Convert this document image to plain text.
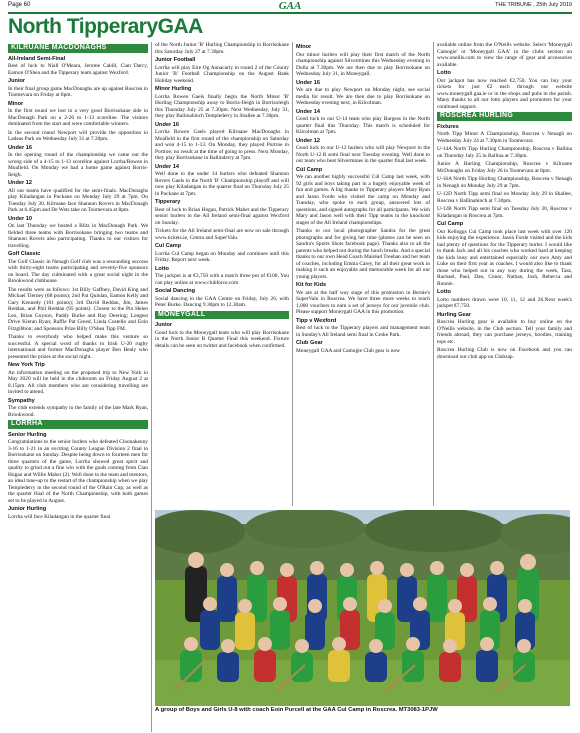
Page 60	GAA	THE TRIBUNE , 25th July 2019
North TipperaryGAA
KILRUANE MACDONAGHS
All-Ireland Semi-Final

Best of luck to Niall O'Meara, Jerome Cahill, Cian Darcy, Eamon O'Shea and the Tipperary team against Wexford.

Junior

In their final group game MacDonaghs are up against Roscrea in Toomevara on Friday at 8pm.

Minor

In the first round we lost to a very good Borrisokane side in MacDonagh Park on a 2-26 to 1-13 scoreline. The visitors dominated from the start and were comfortable winners.

In the second round Newport will provide the opposition in Ladeas Park on Wednesday July 31 at 7.30pm.

Under 16

In the opening round of the championship we came out the wrong side of a 4-15 to 1-13 scoreline against Lorrha/Rowen in Moafield. On Monday we had a home game against Borris-Ileigh.

Under 12

All our teams have qualified for the semi-finals. MacDonaghs play Kiladangan in Puckane on Monday July 29 at 7pm. On Tuesday July 30, Kilruane face Shannon Rovers in MacDonagh Park at 6.45pm and De Wets take on Toomevara at 8pm.

Under 10

On last Thursday we hosted a Blitz in MacDonagh Park. We fielded three teams with Borrisokane bringing two teams and Shannon Rovers also participating. Thanks to our visitors for travelling.

Golf Classic

The Golf Classic in Nenagh Golf club was a resounding success with thirty-eight teams participating and seventy-five sponsors on board. The day culminated with a great social night in the Brookwood clubhouse.

The results were as follows: 1st Billy Gaffney, David King and Michael Tierney (68 points); 2nd Pat Quinlan, Eamon Kelly and Gary Kennedy (101 points); 3rd David Reddan, Jim, James Reddan, and Phil Reddan (95 points). Closest to the Pin Helen Leo, Brian Guyson, Paddy Burke and Ray Deering; Longest Drive Kieran Ryan; Raffle Pat Greed, Linda Costello and Eoin Fitzgibbon; and Sponsors Prize Billy O'Shea Tipp FM.

Thanks to everybody who helped make this venture so successful. A special word of thanks to Irish U-20 rugby international and former MacDonaghs player Ben Healy who presented the prizes at the social night.

New York Trip

An information meeting on the proposed trip to New York in May 2020 will be held in the clubroom on Friday August 2 at 8.15pm. All club members who are considering travelling are invited to attend.

Sympathy

The club extends sympathy to the family of the late Mark Ryan, Brookwood.

LORRHA
Senior Hurling

Congratulations to the senior hurlers who defeated Cloonakenny 3-16 to 1-21 in an exciting County League Division 2 final in Borrisokane on Sunday. Despite being down to fourteen men for three quarters of the game, Lorrha showed great spirit and quality to grind out a fine win with the goals coming from Cian Hogan and Willie Maher (2). Well done to the team and mentors, an ideal tune-up to the restart of the championship when we play Templederry in the second round of the O'Rain Cup, as well as the quarter final of the North Championship, with both games set to be played in August.

Junior Hurling

Lorrha will face Kiladangan in the quarter final

of the North Junior 'B' Hurling Championship in Borrisokane this Saturday July 27 at 7.30pm.

Junior Football

Lorrha will play Eire Og Annacarty in round 2 of the County Junior 'B' Football Championship on the August Bank Holiday weekend.

Minor Hurling

Lorrha Rowen Gaels finally begin the North Minor 'B' Hurling Championship away to Borris-Ileigh in Borrisoleigh this Thursday July 25 at 7.30pm. Next Wednesday, July 31, they play Ballinahinch Templederry in Shallee at 7.30pm.

Under 16

Lorrha Rowen Gaels played Kilruane MacDonaghs in Moafield in the first round of the championship on Saturday and won 4-15 to 1-13. On Monday, they played Portroe in Portroe; no result at the time of going to press. Next Monday, they play Borrisokane in Ballinderry at 7pm.

Under 14

Well done to the under 14 hurlers who defeated Shannon Rovers Gaels in the North 'B' Championship playoff and will now play Kiladangan in the quarter final on Thursday July 25 in Puckane at 7pm.

Tipperary

Best of luck to Brian Hogan, Patrick Maher and the Tipperary senior hurlers in the All Ireland semi-final against Wexford on Sunday.

Tickets for the All Ireland semi-final are now on sale through www.tickets.ie, Centra and SuperValu.

Cul Camp

Lorrha Cul Camp began on Monday and continues until this Friday. Report next week.

Lotto

The jackpot is at €3,750 with a match three pot of €100. You can play online at www.clubforce.com

Social Dancing

Social dancing in the GAA Centre on Friday, July 26, with Peter Burke. Dancing 9.30pm to 12.30am.

MONEYGALL
Junior

Good luck to the Moneygall team who will play Borrisokane in the North Junior B Quarter Final this weekend. Fixture details can be seen on twitter and facebook when confirmed.

Minor

Our minor hurlers will play their first match of the North championship against Silvermines this Wednesday evening in Dolla at 7.30pm. We are then due to play Borrisokane on Wednesday July 31, in Moneygall.

Under 16

We are due to play Newport on Monday night, see social media for result. We are then due to play Borrisokane on Wednesday evening next, in Kilcolman.

Under 14

Good luck to our U-14 team who play Burgess in the North quarter final this Thursday. This match is scheduled for Kilcolman at 7pm.

Under 12

Good luck to our U-12 hurlers who will play Newport in the North U-12 B semi final next Tuesday evening. Well done to our team who beat Silvermines in the quarter final last week.

Cúl Camp

We ran another highly successful Cúl Camp last week, with 92 girls and boys taking part in a hugely enjoyable week of fun and games. A big thanks to Tipperary players Mary Ryan and Jason Forde who visited the camp on Monday and Tuesday, who spoke to each group, answered lots of questions, and signed autographs for all participants. We wish Mary and Jason well with their Tipp teams in the knockout stages of the All Ireland championships.

Thanks to our local photographer Sandra for the great photographs and for giving her time (photos can be seen on Sandra's Sports Shots facebook page). Thanks also to all the parents who helped out during the lunch breaks. And a special thanks to our own Head Coach Mairéad Treehan and her team of coaches, including Emma Carey, for all their great work in making it such an enjoyable and memorable week for all our young players.

Kit for Kids

We are at the half way stage of this promotion in Bernie's SuperValu in Roscrea. We have three more weeks to reach 1,000 vouchers to earn a set of jerseys for our juvenile club. Please support Moneygall GAA in this promotion.

Tipp v Wexford

Best of luck to the Tipperary players and management team in Sunday's All Ireland semi final in Croke Park.

Club Gear

Moneygall GAA and Camogie Club gear is now

available online from the O'Neills website. Select 'Moneygall Camogie' or 'Moneygall GAA' in the clubs section on www.oneills.com to view the range of gear and accessories available.

Lotto

Our jackpot has now reached €2,750. You can buy your tickets for just €2 each through our website www.moneygall.gaa.ie or in the shops and pubs in the parish. Many thanks to all our lotto players and promoters for your continued support.

ROSCREA HURLING
Fixtures

North Tipp Minor A Championship, Roscrea v Nenagh on Wednesday July 24 at 7.30pm in Toomevara

U-14A North Tipp Hurling Championship, Roscrea v Ballina on Thursday July 25 in Ballina at 7.30pm.

Junior A Hurling Championship, Roscrea v Kilruane McDonaghs on Friday July 26 in Toomevara at 8pm.

U-16A North Tipp Hurling Championship, Roscrea v Nenagh in Nenagh on Monday July 29 at 7pm.

U-12D North Tipp semi final on Monday July 29 in Shallee, Roscrea v Ballinahinch at 7.30pm.

U-12B North Tipp semi final on Tuesday July 30, Roscrea v Kiladangan in Roscrea at 7pm.

Cul Camp

Our Kelloggs Cul Camp took place last week with over 120 kids enjoying the experience. Jason Forde visited and the kids had plenty of questions for the Tipperary hurler. I would like to thank Jack and all his coaches who worked hard at keeping the kids busy and entertained especially our own Amy and Luke on their first year as coaches. I would also like to thank those who helped out in any way during the week, Tara, Rachael, Paul, Dan, Conor, Nathan, Josh, Rebecca and Ronnie.

Lotto

Lotto numbers drawn were 10, 11, 12 and 26.Next week's jackpot €7,750.

Hurling Gear

Roscrea Hurling gear is available to buy online on the O'Neills website, in the Club section. Tell your family and friends abroad, they can purchase jerseys, hoodies, training tops etc.

Roscrea Hurling Club is now on Facebook and you can download our club app on Clubzap.

A group of Boys and Girls U-8 with coach Eoin Purcell at the GAA Cul Camp in Roscrea. MT3083-1PJW
